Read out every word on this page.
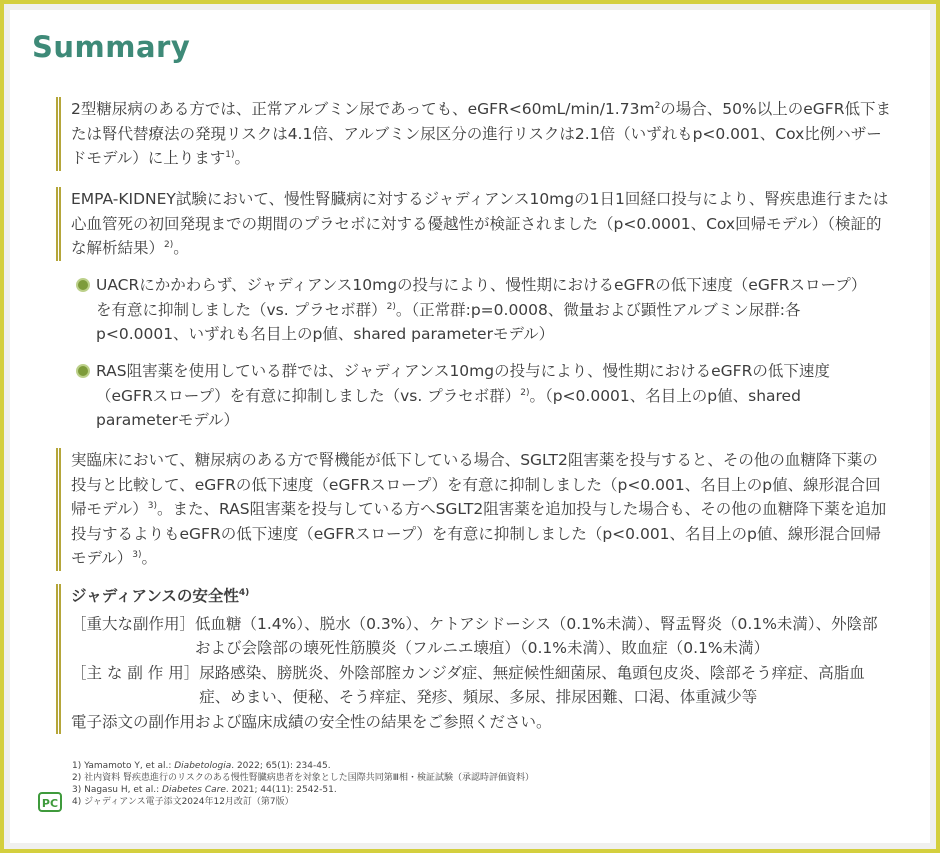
Summary
2型糖尿病のある方では、正常アルブミン尿であっても、$eGFR<60mL/\min/1.73m^2$の場合、50%以上のeGFR低下または腎代替療法の発現リスクは4.1倍、アルブミン尿区分の進行リスクは2.1倍（いずれもp<0.001、Cox比例ハザードモデル）に上ります$^{1)}$。
EMPA-KIDNEY試験において、慢性腎臓病に対するジャディアンス10mgの1日1回経口投与により、腎疾患進行または心血管死の初回発現までの期間のプラセボに対する優越性が検証されました（p<0.0001、Cox回帰モデル）（検証的な解析結果）$^{2)}$。
UACRにかかわらず、ジャディアンス10mgの投与により、慢性期におけるeGFRの低下速度（eGFRスロープ）を有意に抑制しました（vs. プラセボ群）$^{2)}$。（正常群:p=0.0008、微量および顕性アルブミン尿群:各p<0.0001、いずれも名目上のp値、shared parameterモデル）
RAS阻害薬を使用している群では、ジャディアンス10mgの投与により、慢性期におけるeGFRの低下速度（eGFRスロープ）を有意に抑制しました（vs. プラセボ群）$^{2)}$。（p<0.0001、名目上のp値、shared parameterモデル）
実臨床において、糖尿病のある方で腎機能が低下している場合、SGLT2阻害薬を投与すると、その他の血糖降下薬の投与と比較して、eGFRの低下速度（eGFRスロープ）を有意に抑制しました（p<0.001、名目上のp値、線形混合回帰モデル）$^{3)}$。また、RAS阻害薬を投与している方へSGLT2阻害薬を追加投与した場合も、その他の血糖降下薬を追加投与するよりもeGFRの低下速度（eGFRスロープ）を有意に抑制しました（p<0.001、名目上のp値、線形混合回帰モデル）$^{3)}$。
ジャディアンスの安全性$^{4)}$
［重大な副作用］ 低血糖（1.4%）、脱水（0.3%）、ケトアシドーシス（0.1%未満）、腎盂腎炎（0.1%未満）、外陰部および会陰部の壊死性筋膜炎（フルニエ壊疽）（0.1%未満）、敗血症（0.1%未満）
［主 な 副 作 用］ 尿路感染、膀胱炎、外陰部腟カンジダ症、無症候性細菌尿、亀頭包皮炎、陰部そう痒症、高脂血症、めまい、便秘、そう痒症、発疹、頻尿、多尿、排尿困難、口渇、体重減少等
電子添文の副作用および臨床成績の安全性の結果をご参照ください。
1) Yamamoto Y, et al.: Diabetologia. 2022; 65(1): 234-45.
2) 社内資料 腎疾患進行のリスクのある慢性腎臓病患者を対象とした国際共同第Ⅲ相・検証試験（承認時評価資料）
3) Nagasu H, et al.: Diabetes Care. 2021; 44(11): 2542-51.
4) ジャディアンス電子添文2024年12月改訂（第7版）
PC
